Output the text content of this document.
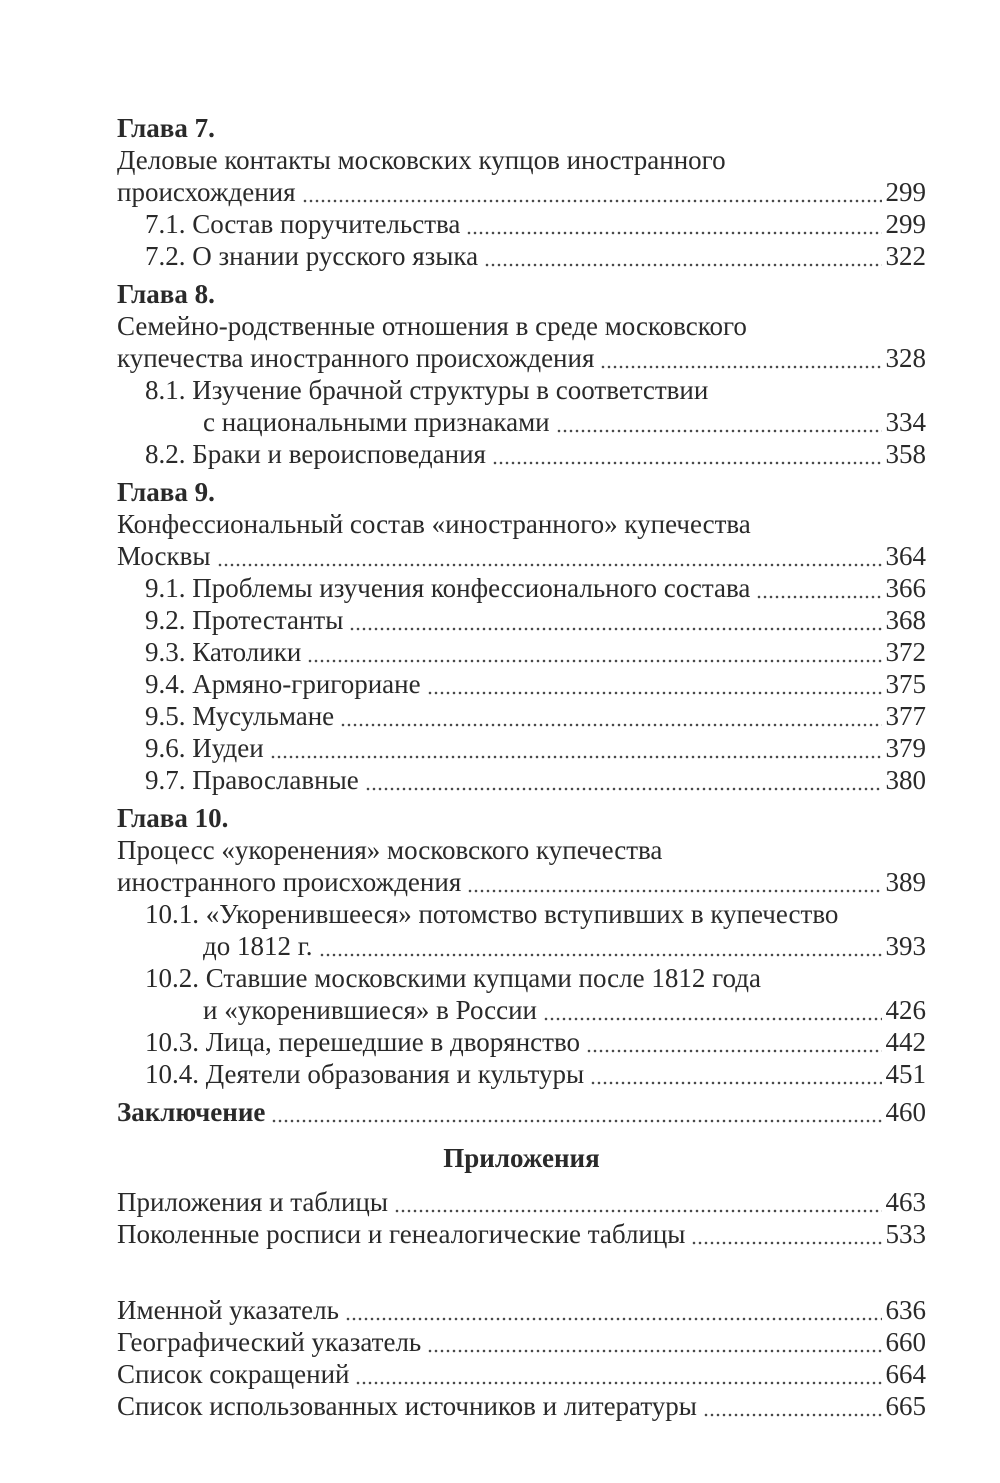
Глава 7.
Деловые контакты московских купцов иностранного
происхождения	299
7.1. Состав поручительства	299
7.2. О знании русского языка	322
Глава 8.
Семейно-родственные отношения в среде московского
купечества иностранного происхождения	328
8.1. Изучение брачной структуры в соответствии
с национальными признаками	334
8.2. Браки и вероисповедания	358
Глава 9.
Конфессиональный состав «иностранного» купечества
Москвы	364
9.1. Проблемы изучения конфессионального состава	366
9.2. Протестанты	368
9.3. Католики	372
9.4. Армяно-григориане	375
9.5. Мусульмане	377
9.6. Иудеи	379
9.7. Православные	380
Глава 10.
Процесс «укоренения» московского купечества
иностранного происхождения	389
10.1. «Укоренившееся» потомство вступивших в купечество
до 1812 г.	393
10.2. Ставшие московскими купцами после 1812 года
и «укоренившиеся» в России	426
10.3. Лица, перешедшие в дворянство	442
10.4. Деятели образования и культуры	451
Заключение	460
Приложения
Приложения и таблицы	463
Поколенные росписи и генеалогические таблицы	533
Именной указатель	636
Географический указатель	660
Список сокращений	664
Список использованных источников и литературы	665
